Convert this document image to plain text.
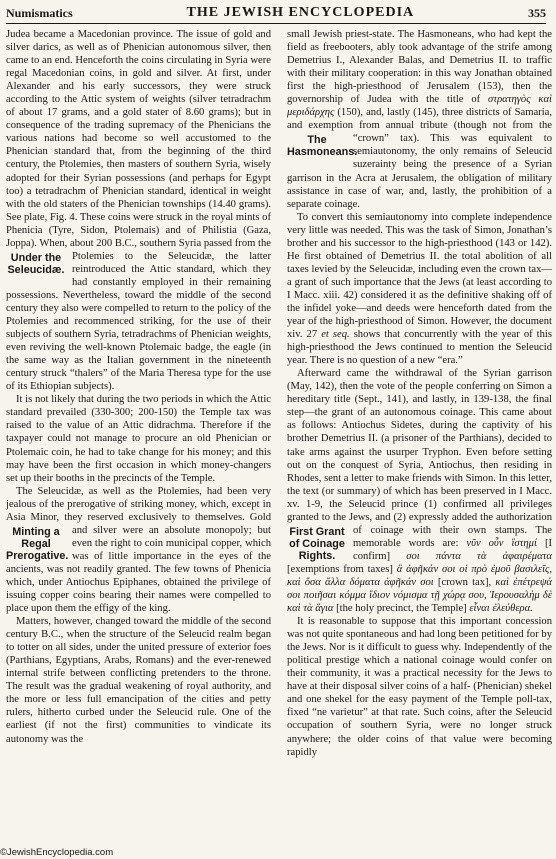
Numismatics	THE JEWISH ENCYCLOPEDIA	355

Judea became a Macedonian province. The issue of gold and silver darics, as well as of Phenician autonomous silver, then came to an end. Henceforth the coins circulating in Syria were regal Macedonian coins, in gold and silver. At first, under Alexander and his early successors, they were struck according to the Attic system of weights (silver tetradrachm of about 17 grams, and a gold stater of 8.60 grams); but in consequence of the trading supremacy of the Phenicians the various nations had become so well accustomed to the Phenician standard that, from the beginning of the third century, the Ptolemies, then masters of southern Syria, wisely adopted for their Syrian possessions (and perhaps for Egypt too) a tetradrachm of Phenician standard, identical in weight with the old staters of the Phenician townships (14.40 grams). See plate, Fig. 4. These coins were struck in the royal mints of Phenicia (Tyre, Sidon, Ptolemais) and of Philistia (Gaza, Joppa). When, about 200 B.C., southern Syria passed from the Ptolemies to
Under the Seleucidæ.
the Seleucidæ, the latter reintroduced the Attic standard, which they had constantly employed in their remaining possessions. Nevertheless, toward the middle of the second century they also were compelled to return to the policy of the Ptolemies and recommenced striking, for the use of their subjects of southern Syria, tetradrachms of Phenician weights, even reviving the well-known Ptolemaic badge, the eagle (in the same way as the Italian government in the nineteenth century struck “thalers” of the Maria Theresa type for the use of its Ethiopian subjects).

It is not likely that during the two periods in which the Attic standard prevailed (330-300; 200-150) the Temple tax was raised to the value of an Attic didrachma. Therefore if the taxpayer could not manage to procure an old Phenician or Ptolemaic coin, he had to take change for his money; and this may have been the first occasion in which money-changers set up their booths in the precincts of the Temple.

The Seleucidæ, as well as the Ptolemies, had been very jealous of the prerogative of striking money, which, except in Asia Minor, they reserved exclusively to themselves. Gold and silver
Minting a Regal Prerogative.
were an absolute monopoly; but even the right to coin municipal copper, which was of little importance in the eyes of the ancients, was not readily granted. The few towns of Phenicia which, under Antiochus Epiphanes, obtained the privilege of issuing copper coins bearing their names were compelled to place upon them the effigy of the king.

Matters, however, changed toward the middle of the second century B.C., when the structure of the Seleucid realm began to totter on all sides, under the united pressure of exterior foes (Parthians, Egyptians, Arabs, Romans) and the ever-renewed internal strife between conflicting pretenders to the throne. The result was the gradual weakening of royal authority, and the more or less full emancipation of the cities and petty rulers, hitherto curbed under the Seleucid rule. One of the earliest (if not the first) communities to vindicate its autonomy was the

small Jewish priest-state. The Hasmoneans, who had kept the field as freebooters, ably took advantage of the strife among Demetrius I., Alexander Balas, and Demetrius II. to traffic with their military cooperation: in this way Jonathan obtained first the high-priesthood of Jerusalem (153), then the governorship of Judea with the title of στρατηγὸς καὶ μεριδάρχης (150), and, lastly (145), three districts of Samaria, and exemption from annual tribute (though not from the “crown” tax). This
The Hasmoneans.
was equivalent to semiautonomy, the only remains of Seleucid suzerainty being the presence of a Syrian garrison in the Acra at Jerusalem, the obligation of military assistance in case of war, and, lastly, the prohibition of a separate coinage.

To convert this semiautonomy into complete independence very little was needed. This was the task of Simon, Jonathan’s brother and his successor to the high-priesthood (143 or 142). He first obtained of Demetrius II. the total abolition of all taxes levied by the Seleucidæ, including even the crown tax—a grant of such importance that the Jews (at least according to I Macc. xiii. 42) considered it as the definitive shaking off of the infidel yoke—and deeds were henceforth dated from the year of the high-priesthood of Simon. However, the document xiv. 27 et seq. shows that concurrently with the year of this high-priesthood the Jews continued to mention the Seleucid year. There is no question of a new “era.”

Afterward came the withdrawal of the Syrian garrison (May, 142), then the vote of the people conferring on Simon a hereditary title (Sept., 141), and lastly, in 139-138, the final step—the grant of an autonomous coinage. This came about as follows: Antiochus Sidetes, during the captivity of his brother Demetrius II. (a prisoner of the Parthians), decided to take arms against the usurper Tryphon. Even before setting out on the conquest of Syria, Antiochus, then residing in Rhodes, sent a letter to make friends with Simon. In this letter, the text (or summary) of which has been preserved in I Macc. xv. 1-9, the Seleucid prince (1) confirmed all privileges granted to the Jews, and (2) expressly added the authorization of coinage
First Grant of Coinage Rights.
with their own stamps. The memorable words are: νῦν οὖν ἵστημί [I confirm] σοι πάντα τὰ ἀφαιρέματα [exemptions from taxes] ἃ ἀφῆκάν σοι οἱ πρὸ ἐμοῦ βασιλεῖς, καὶ ὅσα ἄλλα δόματα ἀφῆκάν σοι [crown tax], καὶ ἐπέτρεψά σοι ποιῆσαι κόμμα ἴδιον νόμισμα τῇ χώρᾳ σου, Ἰερουσαλὴμ δὲ καὶ τὰ ἅγια [the holy precinct, the Temple] εἶναι ἐλεύθερα.

It is reasonable to suppose that this important concession was not quite spontaneous and had long been petitioned for by the Jews. Nor is it difficult to guess why. Independently of the political prestige which a national coinage would confer on their community, it was a practical necessity for the Jews to have at their disposal silver coins of a half- (Phenician) shekel and one shekel for the easy payment of the Temple poll-tax, fixed “ne varietur” at that rate. Such coins, after the Seleucid occupation of southern Syria, were no longer struck anywhere; the older coins of that value were becoming rapidly

©JewishEncyclopedia.com
